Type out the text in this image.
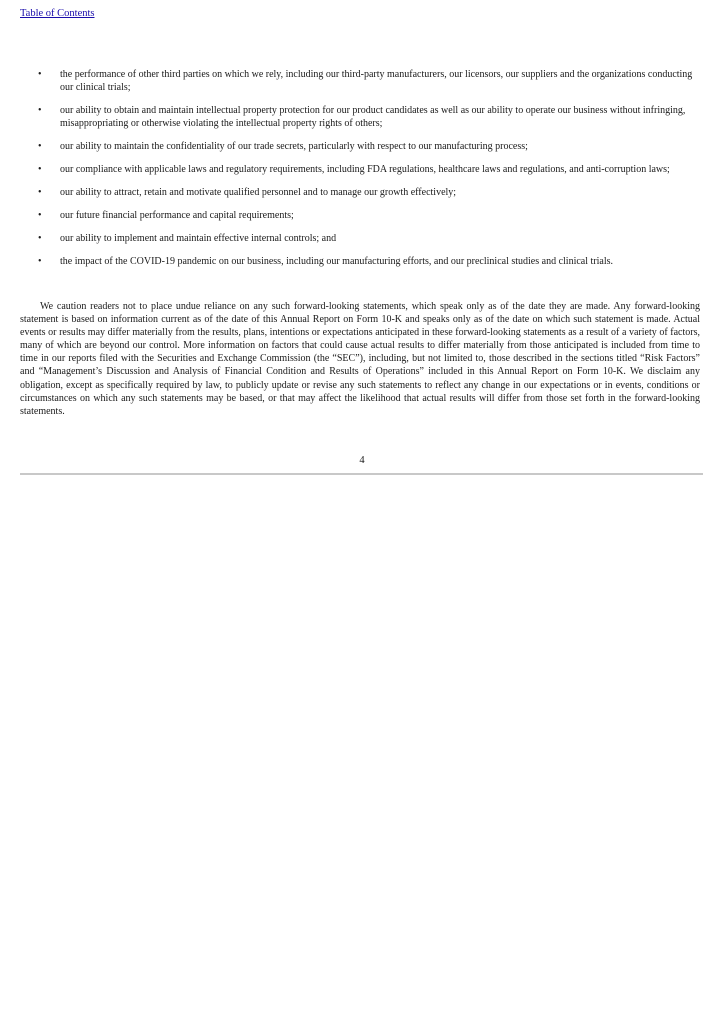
Table of Contents
• the performance of other third parties on which we rely, including our third-party manufacturers, our licensors, our suppliers and the organizations conducting our clinical trials;
• our ability to obtain and maintain intellectual property protection for our product candidates as well as our ability to operate our business without infringing, misappropriating or otherwise violating the intellectual property rights of others;
• our ability to maintain the confidentiality of our trade secrets, particularly with respect to our manufacturing process;
• our compliance with applicable laws and regulatory requirements, including FDA regulations, healthcare laws and regulations, and anti-corruption laws;
• our ability to attract, retain and motivate qualified personnel and to manage our growth effectively;
• our future financial performance and capital requirements;
• our ability to implement and maintain effective internal controls; and
• the impact of the COVID-19 pandemic on our business, including our manufacturing efforts, and our preclinical studies and clinical trials.

We caution readers not to place undue reliance on any such forward-looking statements, which speak only as of the date they are made. Any forward-looking statement is based on information current as of the date of this Annual Report on Form 10-K and speaks only as of the date on which such statement is made. Actual events or results may differ materially from the results, plans, intentions or expectations anticipated in these forward-looking statements as a result of a variety of factors, many of which are beyond our control. More information on factors that could cause actual results to differ materially from those anticipated is included from time to time in our reports filed with the Securities and Exchange Commission (the “SEC”), including, but not limited to, those described in the sections titled “Risk Factors” and “Management’s Discussion and Analysis of Financial Condition and Results of Operations” included in this Annual Report on Form 10-K. We disclaim any obligation, except as specifically required by law, to publicly update or revise any such statements to reflect any change in our expectations or in events, conditions or circumstances on which any such statements may be based, or that may affect the likelihood that actual results will differ from those set forth in the forward-looking statements.

4
